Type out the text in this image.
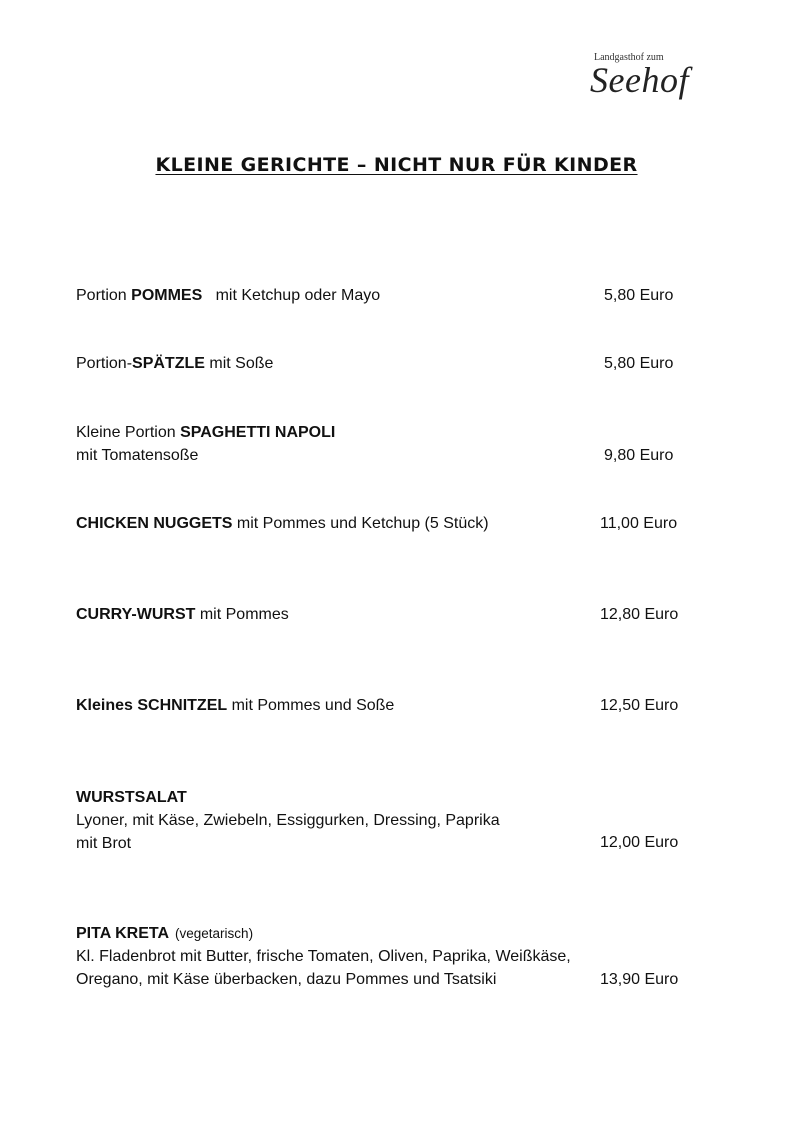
Landgasthof zum
Seehof
KLEINE GERICHTE – NICHT NUR FÜR KINDER
Portion POMMES   mit Ketchup oder Mayo	5,80 Euro
Portion-SPÄTZLE mit Soße	5,80 Euro
Kleine Portion SPAGHETTI NAPOLI
mit Tomatensoße	9,80 Euro
CHICKEN NUGGETS mit Pommes und Ketchup (5 Stück)	11,00 Euro
CURRY-WURST mit Pommes	12,80 Euro
Kleines SCHNITZEL mit Pommes und Soße	12,50 Euro
WURSTSALAT
Lyoner, mit Käse, Zwiebeln, Essiggurken, Dressing, Paprika
mit Brot	12,00 Euro
PITA KRETA (vegetarisch)
Kl. Fladenbrot mit Butter, frische Tomaten, Oliven, Paprika, Weißkäse,
Oregano, mit Käse überbacken, dazu Pommes und Tsatsiki	13,90 Euro
